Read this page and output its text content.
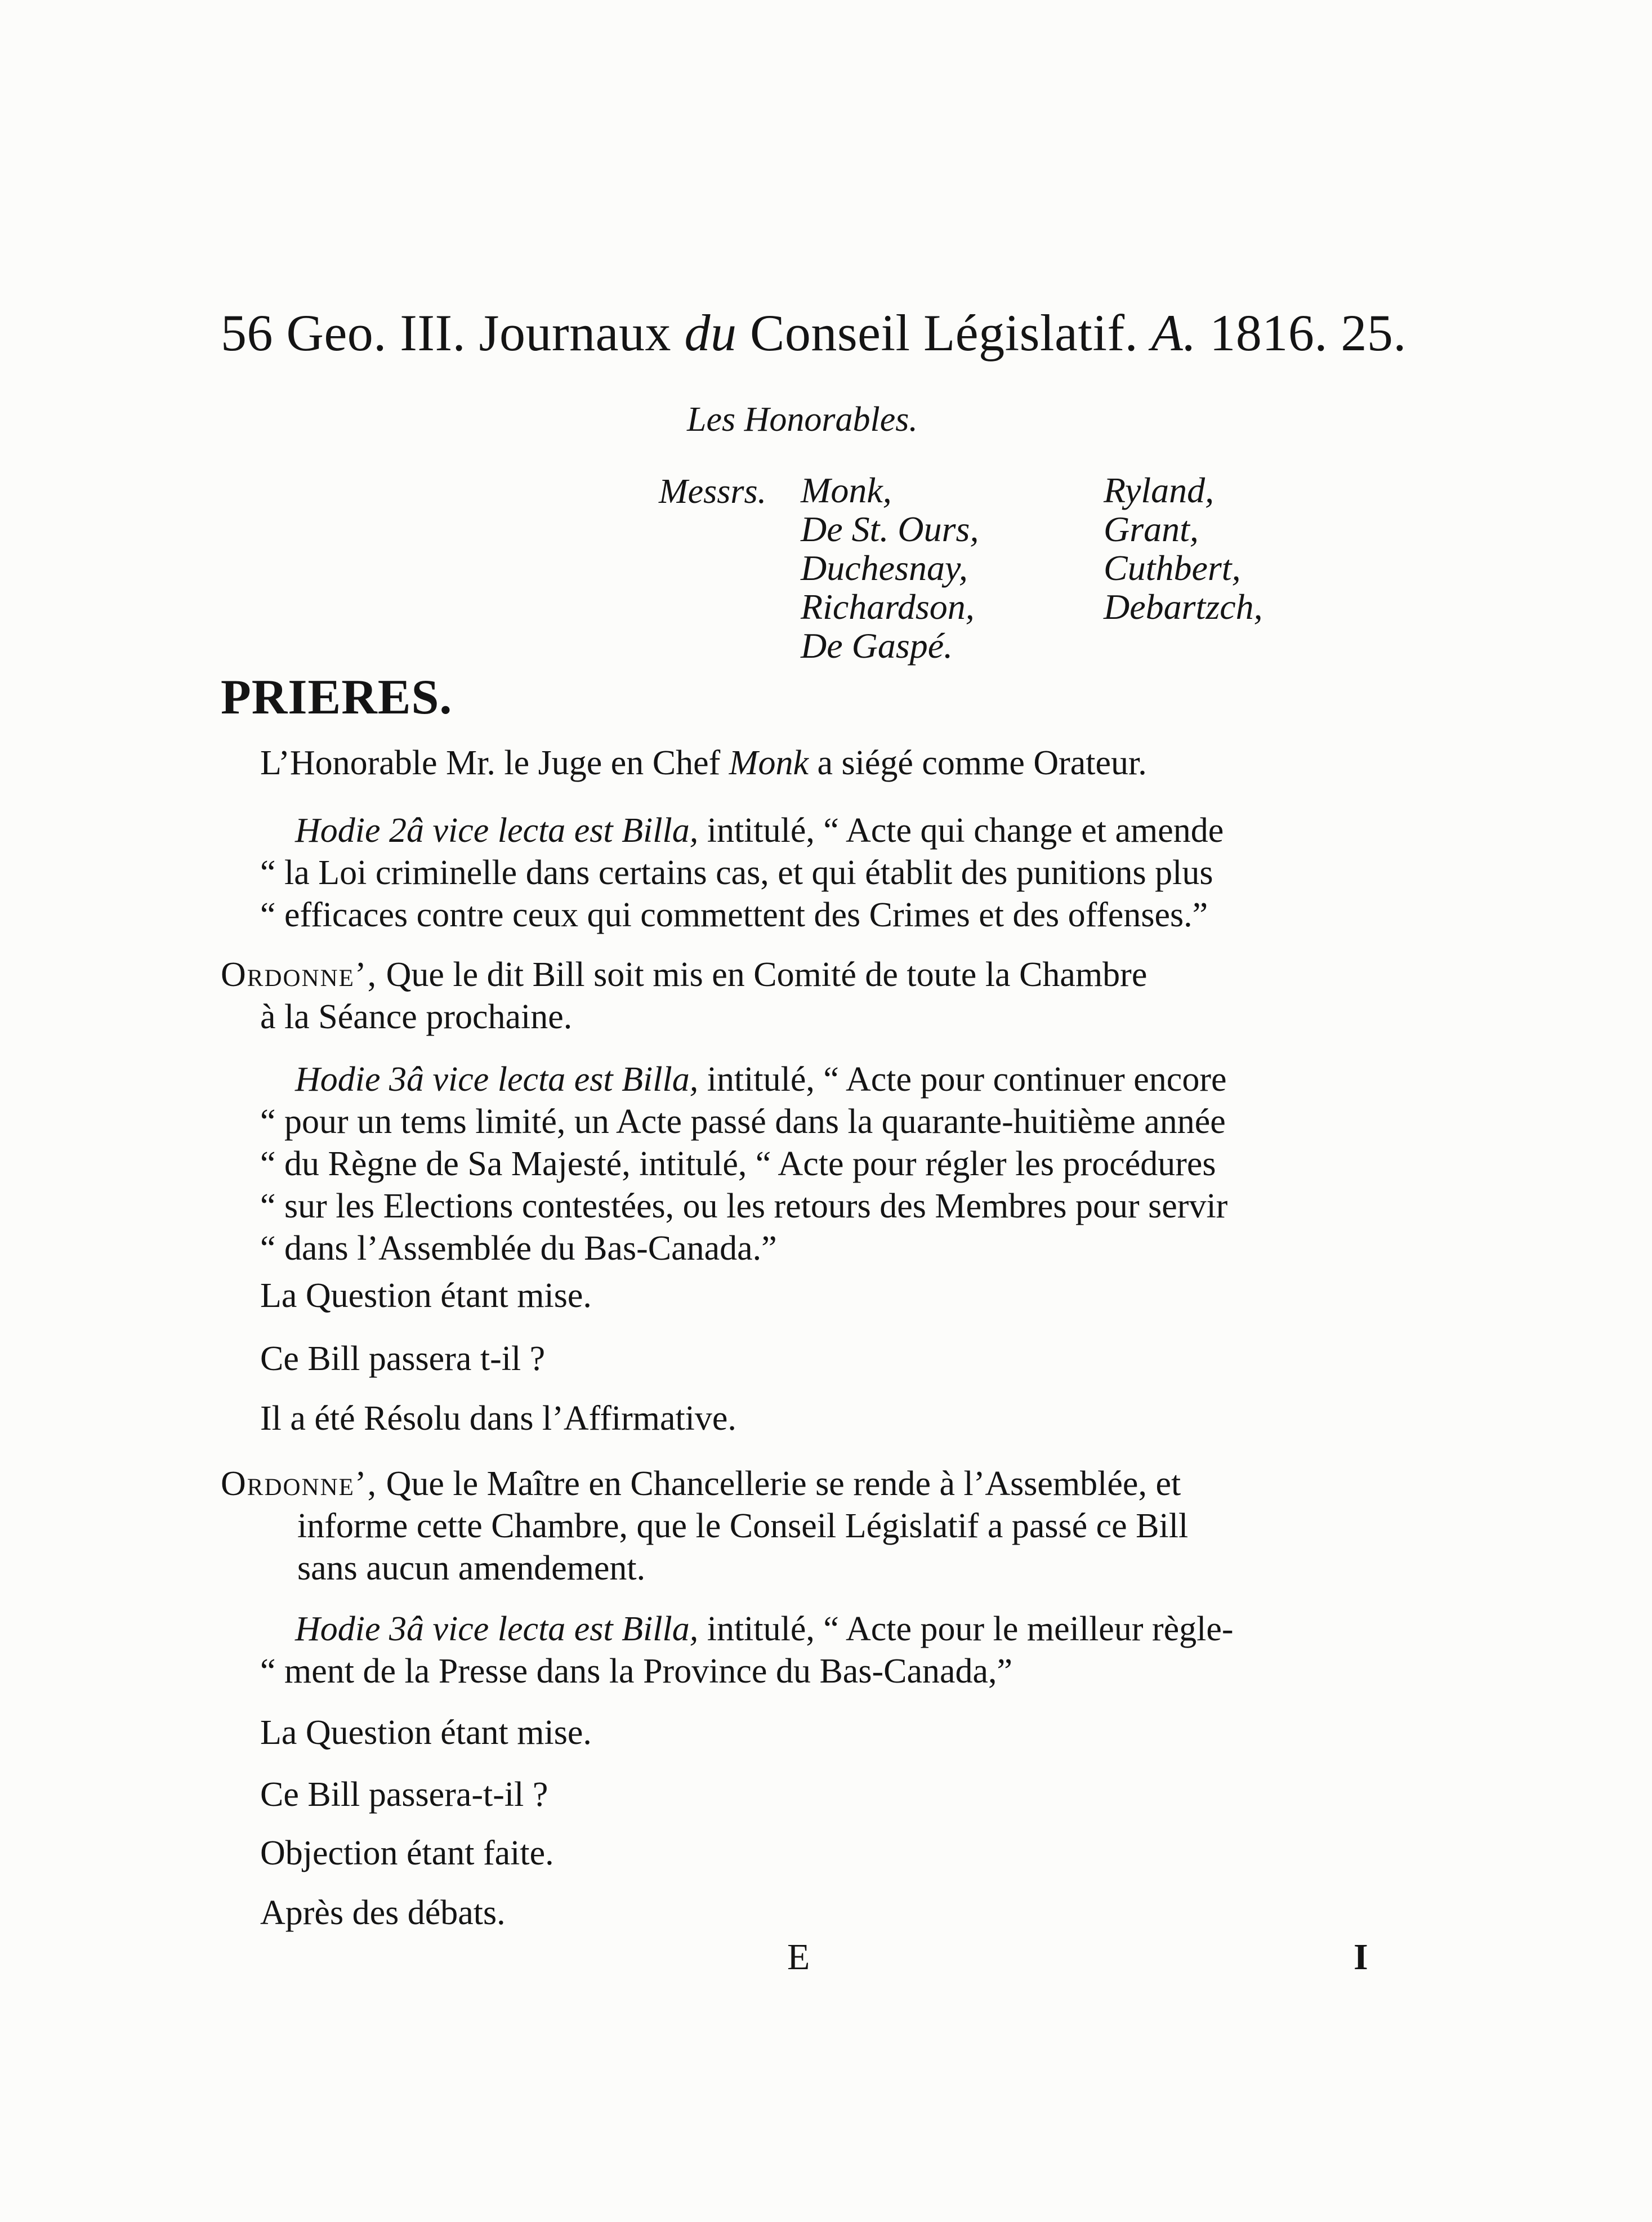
56 Geo. III. Journaux du Conseil Législatif. A. 1816. 25.
Les Honorables.
Messrs. Monk,
De St. Ours,
Duchesnay,
Richardson,
De Gaspé.
Ryland,
Grant,
Cuthbert,
Debartzch,
PRIERES.
L’Honorable Mr. le Juge en Chef Monk a siégé comme Orateur.
Hodie 2â vice lecta est Billa, intitulé, “ Acte qui change et amende
“ la Loi criminelle dans certains cas, et qui établit des punitions plus
“ efficaces contre ceux qui commettent des Crimes et des offenses.”
Ordonne’, Que le dit Bill soit mis en Comité de toute la Chambre
à la Séance prochaine.
Hodie 3â vice lecta est Billa, intitulé, “ Acte pour continuer encore
“ pour un tems limité, un Acte passé dans la quarante-huitième année
“ du Règne de Sa Majesté, intitulé, “ Acte pour régler les procédures
“ sur les Elections contestées, ou les retours des Membres pour servir
“ dans l’Assemblée du Bas-Canada.”
La Question étant mise.
Ce Bill passera t-il ?
Il a été Résolu dans l’Affirmative.
Ordonne’, Que le Maître en Chancellerie se rende à l’Assemblée, et
informe cette Chambre, que le Conseil Législatif a passé ce Bill
sans aucun amendement.
Hodie 3â vice lecta est Billa, intitulé, “ Acte pour le meilleur règle-
“ ment de la Presse dans la Province du Bas-Canada,”
La Question étant mise.
Ce Bill passera-t-il ?
Objection étant faite.
Après des débats.
E	I
